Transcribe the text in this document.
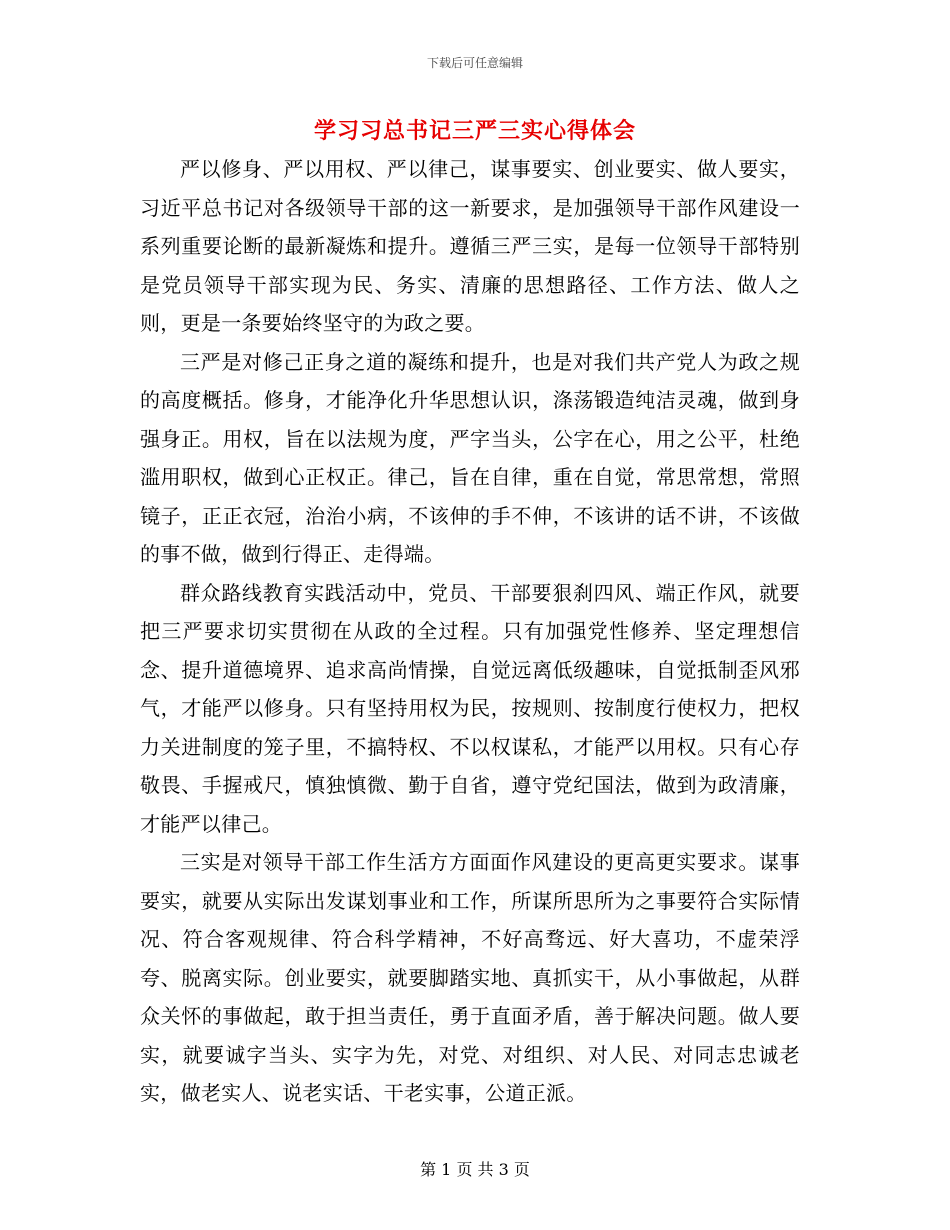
下载后可任意编辑
学习习总书记三严三实心得体会

严以修身、严以用权、严以律己，谋事要实、创业要实、做人要实，习近平总书记对各级领导干部的这一新要求，是加强领导干部作风建设一系列重要论断的最新凝炼和提升。遵循三严三实，是每一位领导干部特别是党员领导干部实现为民、务实、清廉的思想路径、工作方法、做人之则，更是一条要始终坚守的为政之要。

三严是对修己正身之道的凝练和提升，也是对我们共产党人为政之规的高度概括。修身，才能净化升华思想认识，涤荡锻造纯洁灵魂，做到身强身正。用权，旨在以法规为度，严字当头，公字在心，用之公平，杜绝滥用职权，做到心正权正。律己，旨在自律，重在自觉，常思常想，常照镜子，正正衣冠，治治小病，不该伸的手不伸，不该讲的话不讲，不该做的事不做，做到行得正、走得端。

群众路线教育实践活动中，党员、干部要狠刹四风、端正作风，就要把三严要求切实贯彻在从政的全过程。只有加强党性修养、坚定理想信念、提升道德境界、追求高尚情操，自觉远离低级趣味，自觉抵制歪风邪气，才能严以修身。只有坚持用权为民，按规则、按制度行使权力，把权力关进制度的笼子里，不搞特权、不以权谋私，才能严以用权。只有心存敬畏、手握戒尺，慎独慎微、勤于自省，遵守党纪国法，做到为政清廉，才能严以律己。

三实是对领导干部工作生活方方面面作风建设的更高更实要求。谋事要实，就要从实际出发谋划事业和工作，所谋所思所为之事要符合实际情况、符合客观规律、符合科学精神，不好高骛远、好大喜功，不虚荣浮夸、脱离实际。创业要实，就要脚踏实地、真抓实干，从小事做起，从群众关怀的事做起，敢于担当责任，勇于直面矛盾，善于解决问题。做人要实，就要诚字当头、实字为先，对党、对组织、对人民、对同志忠诚老实，做老实人、说老实话、干老实事，公道正派。

第 1 页 共 3 页
